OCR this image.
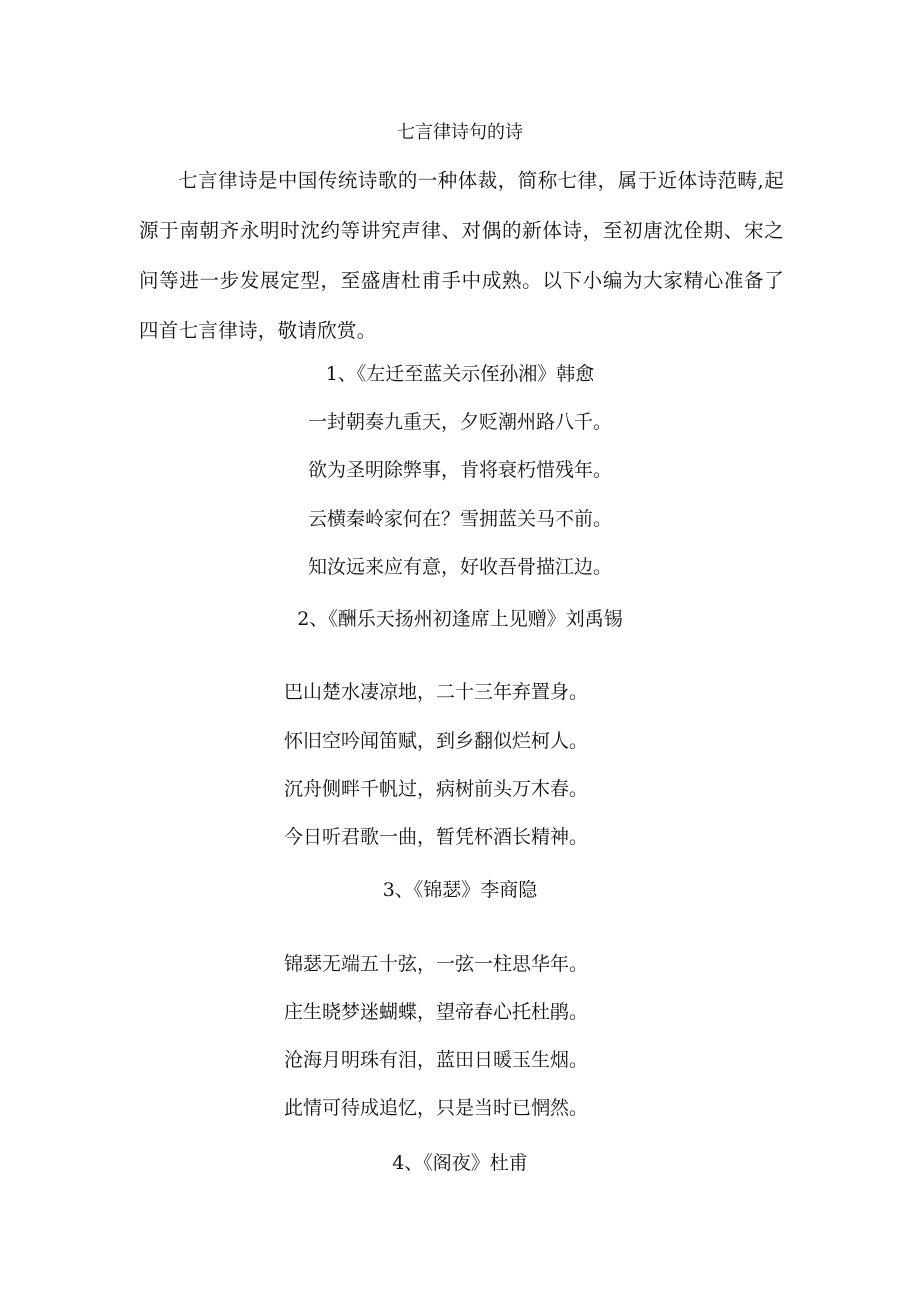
七言律诗句的诗

七言律诗是中国传统诗歌的一种体裁，简称七律，属于近体诗范畴,起源于南朝齐永明时沈约等讲究声律、对偶的新体诗，至初唐沈佺期、宋之问等进一步发展定型，至盛唐杜甫手中成熟。以下小编为大家精心准备了四首七言律诗，敬请欣赏。

1、《左迁至蓝关示侄孙湘》韩愈
一封朝奏九重天，夕贬潮州路八千。
欲为圣明除弊事，肯将衰朽惜残年。
云横秦岭家何在？雪拥蓝关马不前。
知汝远来应有意，好收吾骨描江边。
2、《酬乐天扬州初逢席上见赠》刘禹锡
巴山楚水凄凉地，二十三年弃置身。
怀旧空吟闻笛赋，到乡翻似烂柯人。
沉舟侧畔千帆过，病树前头万木春。
今日听君歌一曲，暂凭杯酒长精神。
3、《锦瑟》李商隐
锦瑟无端五十弦，一弦一柱思华年。
庄生晓梦迷蝴蝶，望帝春心托杜鹃。
沧海月明珠有泪，蓝田日暖玉生烟。
此情可待成追忆，只是当时已惘然。
4、《阁夜》杜甫
